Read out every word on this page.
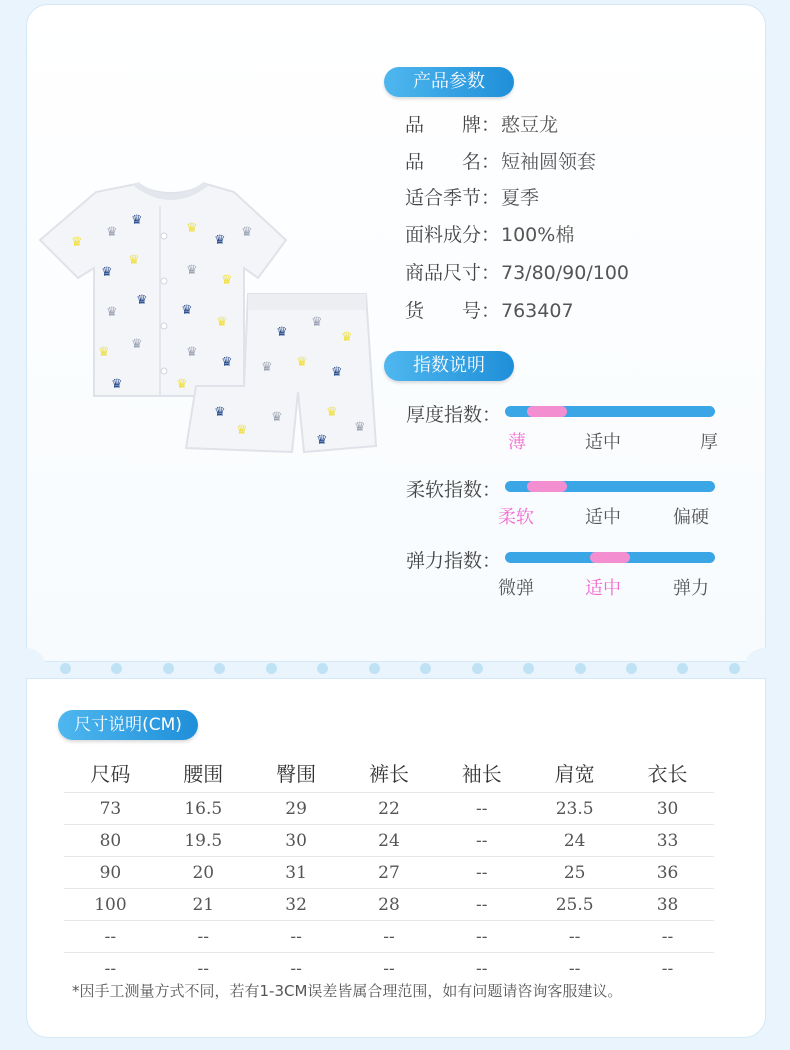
♛
♛
♛
♛
♛
♛
♛
♛
♛
♛
♛
♛
♛
♛
♛
♛
♛
♛
♛	♛
♛
♛
♛
♛ ♛
♛
♛
♛
♛	♛
♛
♛
产品参数
指数说明
尺寸说明(CM)
品　　牌：憨豆龙
品　　名：短袖圆领套
适合季节：夏季
面料成分：100%棉
商品尺寸：73/80/90/100
货　　号：763407
厚度指数：
薄	适中	厚
柔软指数：
柔软	适中	偏硬
弹力指数：
微弹	适中	弹力
尺码	腰围	臀围	裤长	袖长	肩宽	衣长
73	16.5	29	22	--	23.5	30
80	19.5	30	24	--	24	33
90	20	31	27	--	25	36
100	21	32	28	--	25.5	38
--	--	--	--	--	--	--
--	--	--	--	--	--	--
*因手工测量方式不同，若有1-3CM误差皆属合理范围，如有问题请咨询客服建议。
